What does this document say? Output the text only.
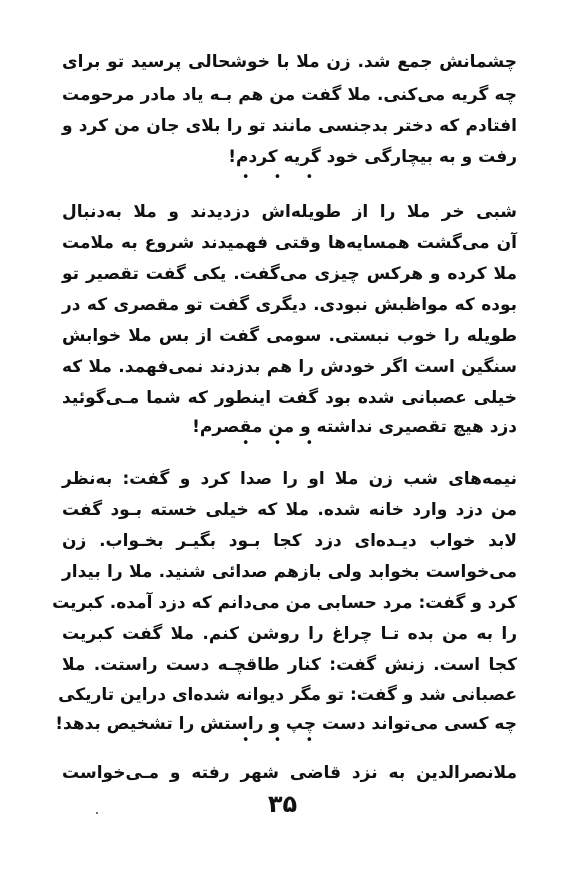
چشمانش جمع شد. زن ملا با خوشحالی پرسید تو برای
چه گریه می‌کنی. ملا گفت من هم بـه یاد مادر مرحومت
افتادم که دختر بدجنسی مانند تو را بلای جان من کرد و
رفت و به بیچارگی خود گریه کردم!
• • •
شبی خر ملا را از طویله‌اش دزدیدند و ملا به‌دنبال
آن می‌گشت همسایه‌ها وقتی فهمیدند شروع به ملامت
ملا کرده و هرکس چیزی می‌گفت. یکی گفت تقصیر تو
بوده که مواظبش نبودی. دیگری گفت تو مقصری که در
طویله را خوب نبستی. سومی گفت از بس ملا خوابش
سنگین است اگر خودش را هم بدزدند نمی‌فهمد. ملا که
خیلی عصبانی شده بود گفت اینطور که شما مـی‌گوئید
دزد هیچ تقصیری نداشته و من مقصرم!
• • •
نیمه‌های شب زن ملا او را صدا کرد و گفت: به‌نظر
من دزد وارد خانه شده. ملا که خیلی خسته بـود گفت
لابد خواب دیـده‌ای دزد کجا بـود بگیـر بخـواب. زن
می‌خواست بخوابد ولی بازهم صدائی شنید. ملا را بیدار
کرد و گفت: مرد حسابی من می‌دانم که دزد آمده. کبریت
را به من بده تـا چراغ را روشن کنم. ملا گفت کبریت
کجا است. زنش گفت: کنار طاقچـه دست راستت. ملا
عصبانی شد و گفت: تو مگر دیوانه شده‌ای دراین تاریکی
چه کسی می‌تواند دست چپ و راستش را تشخیص بدهد!
• • •
ملانصرالدین به نزد قاضی شهر رفته و مـی‌خواست
۳۵
